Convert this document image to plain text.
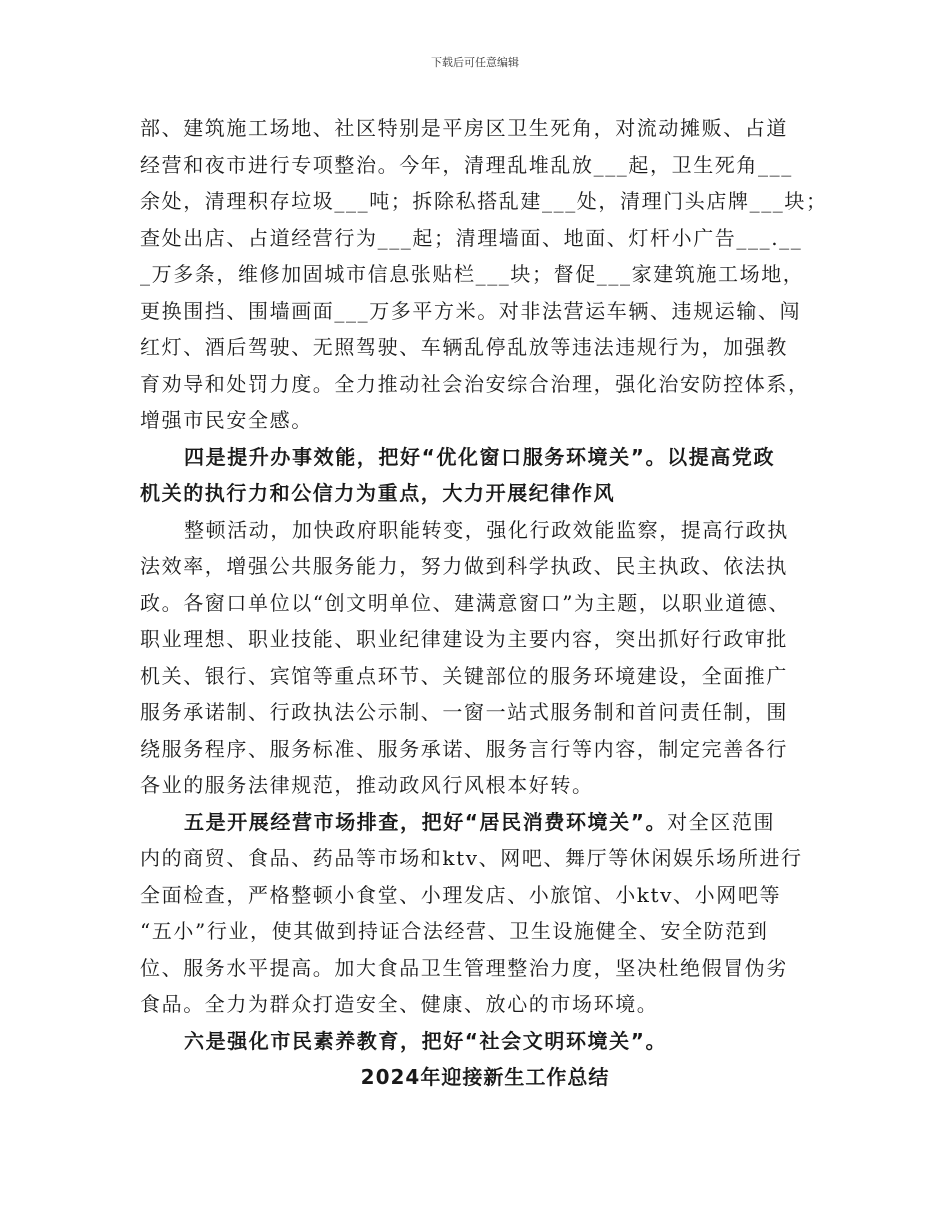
下载后可任意编辑
部、建筑施工场地、社区特别是平房区卫生死角，对流动摊贩、占道
经营和夜市进行专项整治。今年，清理乱堆乱放___起，卫生死角___
余处，清理积存垃圾___吨；拆除私搭乱建___处，清理门头店牌___块；
查处出店、占道经营行为___起；清理墙面、地面、灯杆小广告___.__
_万多条，维修加固城市信息张贴栏___块；督促___家建筑施工场地，
更换围挡、围墙画面___万多平方米。对非法营运车辆、违规运输、闯
红灯、酒后驾驶、无照驾驶、车辆乱停乱放等违法违规行为，加强教
育劝导和处罚力度。全力推动社会治安综合治理，强化治安防控体系，
增强市民安全感。
四是提升办事效能，把好“优化窗口服务环境关”。以提高党政
机关的执行力和公信力为重点，大力开展纪律作风
整顿活动，加快政府职能转变，强化行政效能监察，提高行政执
法效率，增强公共服务能力，努力做到科学执政、民主执政、依法执
政。各窗口单位以“创文明单位、建满意窗口”为主题，以职业道德、
职业理想、职业技能、职业纪律建设为主要内容，突出抓好行政审批
机关、银行、宾馆等重点环节、关键部位的服务环境建设，全面推广
服务承诺制、行政执法公示制、一窗一站式服务制和首问责任制，围
绕服务程序、服务标准、服务承诺、服务言行等内容，制定完善各行
各业的服务法律规范，推动政风行风根本好转。
五是开展经营市场排查，把好“居民消费环境关”。对全区范围
内的商贸、食品、药品等市场和ktv、网吧、舞厅等休闲娱乐场所进行
全面检查，严格整顿小食堂、小理发店、小旅馆、小ktv、小网吧等
“五小”行业，使其做到持证合法经营、卫生设施健全、安全防范到
位、服务水平提高。加大食品卫生管理整治力度，坚决杜绝假冒伪劣
食品。全力为群众打造安全、健康、放心的市场环境。
六是强化市民素养教育，把好“社会文明环境关”。
2024年迎接新生工作总结
